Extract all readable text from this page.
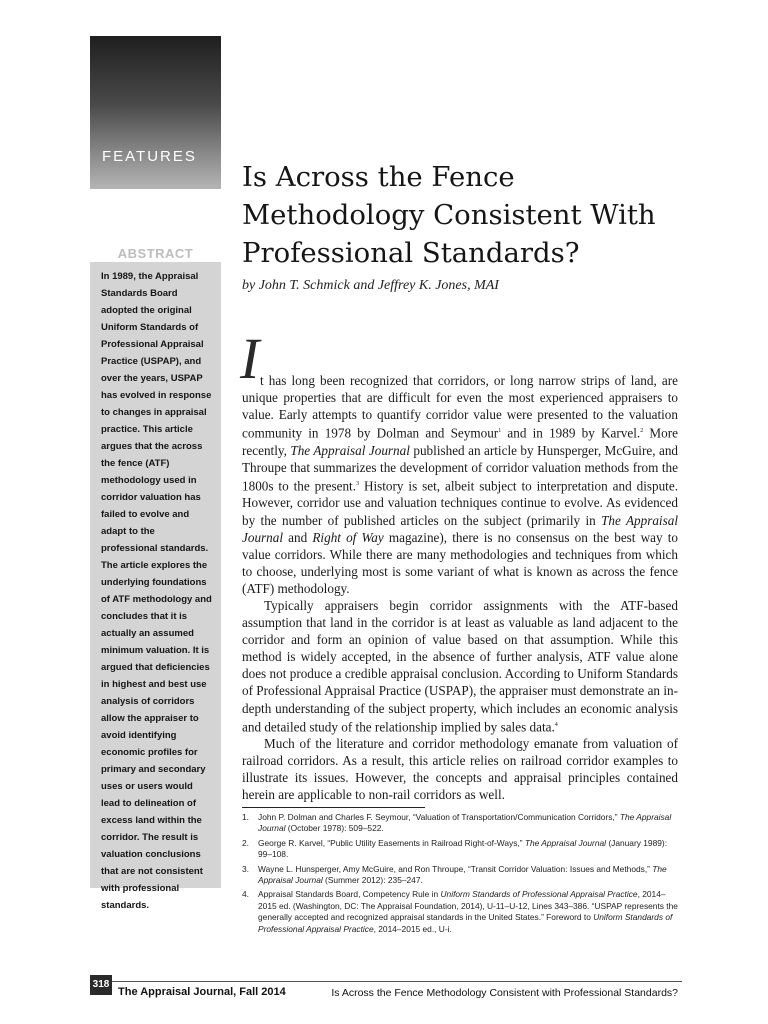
FEATURES
ABSTRACT
In 1989, the Appraisal Standards Board adopted the original Uniform Standards of Professional Appraisal Practice (USPAP), and over the years, USPAP has evolved in response to changes in appraisal practice. This article argues that the across the fence (ATF) methodology used in corridor valuation has failed to evolve and adapt to the professional standards. The article explores the underlying foundations of ATF methodology and concludes that it is actually an assumed minimum valuation. It is argued that deficiencies in highest and best use analysis of corridors allow the appraiser to avoid identifying economic profiles for primary and secondary uses or users would lead to delineation of excess land within the corridor. The result is valuation conclusions that are not consistent with professional standards.
Is Across the Fence Methodology Consistent With Professional Standards?
by John T. Schmick and Jeffrey K. Jones, MAI
I t has long been recognized that corridors, or long narrow strips of land, are unique properties that are difficult for even the most experienced appraisers to value. Early attempts to quantify corridor value were presented to the valuation community in 1978 by Dolman and Seymour$^1$ and in 1989 by Karvel.$^2$ More recently, The Appraisal Journal published an article by Hunsperger, McGuire, and Throupe that summarizes the development of corridor valuation methods from the 1800s to the present.$^3$ History is set, albeit subject to interpretation and dispute. However, corridor use and valuation techniques continue to evolve. As evidenced by the number of published articles on the subject (primarily in The Appraisal Journal and Right of Way magazine), there is no consensus on the best way to value corridors. While there are many methodologies and techniques from which to choose, underlying most is some variant of what is known as across the fence (ATF) methodology.

Typically appraisers begin corridor assignments with the ATF-based assumption that land in the corridor is at least as valuable as land adjacent to the corridor and form an opinion of value based on that assumption. While this method is widely accepted, in the absence of further analysis, ATF value alone does not produce a credible appraisal conclusion. According to Uniform Standards of Professional Appraisal Practice (USPAP), the appraiser must demonstrate an in-depth understanding of the subject property, which includes an economic analysis and detailed study of the relationship implied by sales data.$^4$

Much of the literature and corridor methodology emanate from valuation of railroad corridors. As a result, this article relies on railroad corridor examples to illustrate its issues. However, the concepts and appraisal principles contained herein are applicable to non-rail corridors as well.

1.	John P. Dolman and Charles F. Seymour, “Valuation of Transportation/Communication Corridors,” The Appraisal Journal (October 1978): 509–522.
2.	George R. Karvel, “Public Utility Easements in Railroad Right-of-Ways,” The Appraisal Journal (January 1989): 99–108.
3.	Wayne L. Hunsperger, Amy McGuire, and Ron Throupe, “Transit Corridor Valuation: Issues and Methods,” The Appraisal Journal (Summer 2012): 235–247.
4.	Appraisal Standards Board, Competency Rule in Uniform Standards of Professional Appraisal Practice, 2014–2015 ed. (Washington, DC: The Appraisal Foundation, 2014), U-11–U-12, Lines 343–386. “USPAP represents the generally accepted and recognized appraisal standards in the United States.” Foreword to Uniform Standards of Professional Appraisal Practice, 2014–2015 ed., U-i.
318
The Appraisal Journal, Fall 2014	Is Across the Fence Methodology Consistent with Professional Standards?
